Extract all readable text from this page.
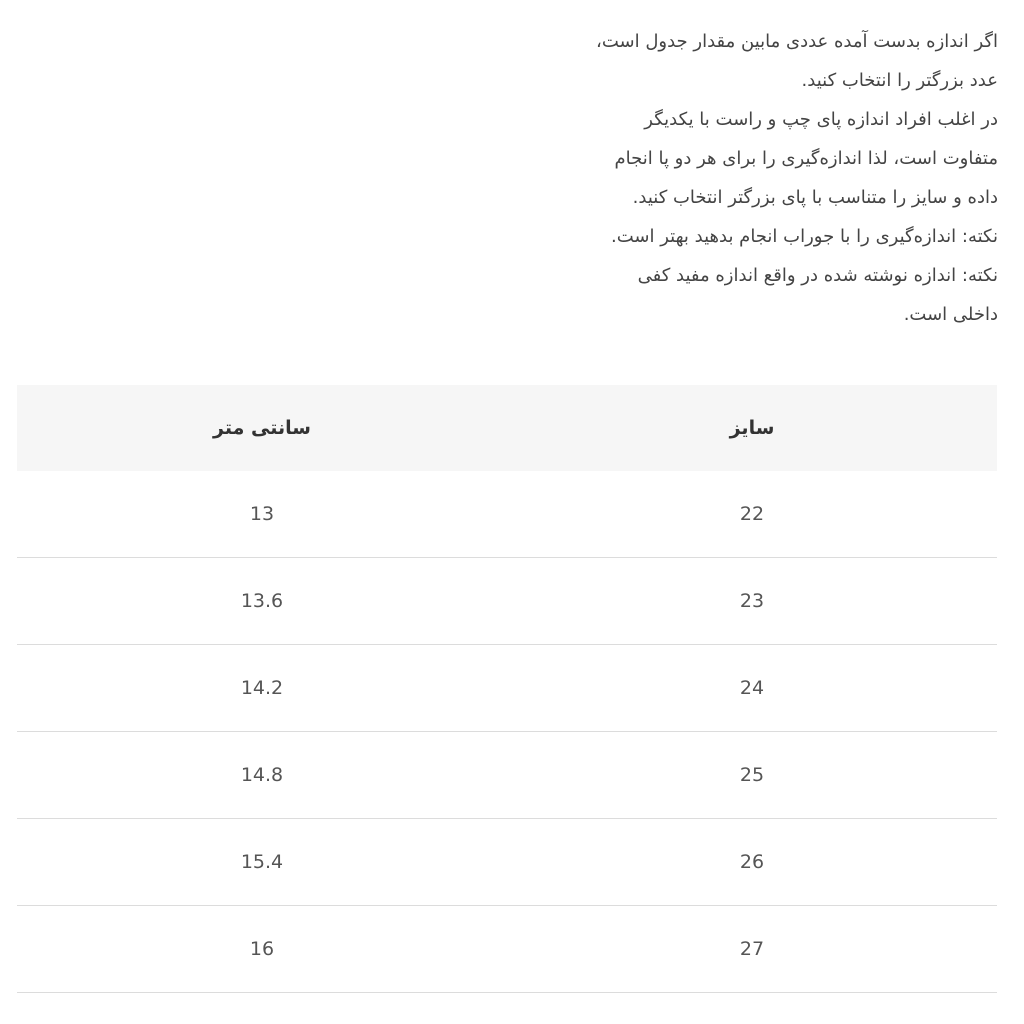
اگر اندازه بدست آمده عددی مابین مقدار جدول است،
عدد بزرگتر را انتخاب کنید.
در اغلب افراد اندازه پای چپ و راست با یکدیگر
متفاوت است، لذا اندازه‌گیری را برای هر دو پا انجام
داده و سایز را متناسب با پای بزرگتر انتخاب کنید.
نکته: اندازه‌گیری را با جوراب انجام بدهید بهتر است.
نکته: اندازه نوشته شده در واقع اندازه مفید کفی
داخلی است.
سایز	سانتی متر
22	13
23	13.6
24	14.2
25	14.8
26	15.4
27	16
